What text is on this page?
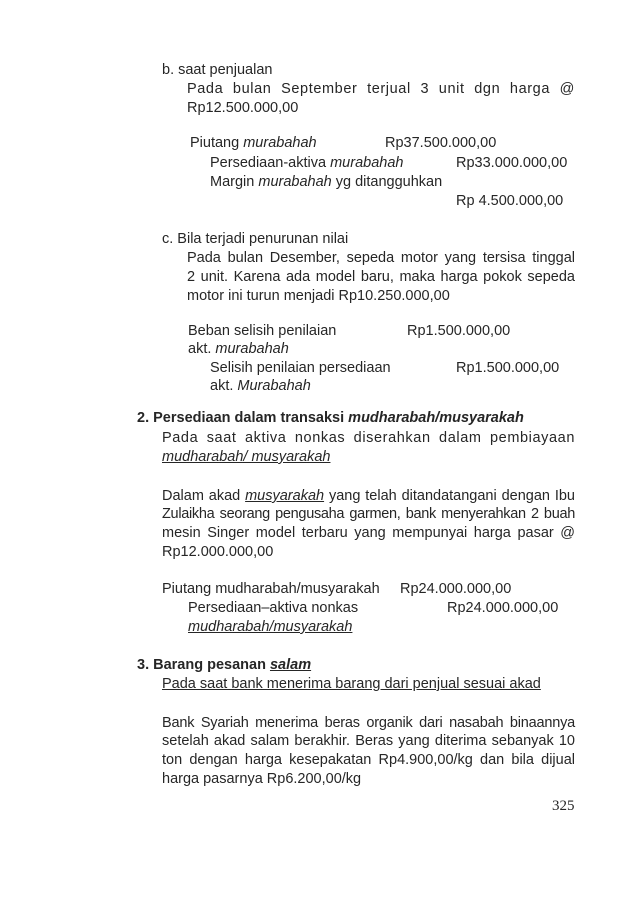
b. saat penjualan
Pada bulan September terjual 3 unit dgn harga @
Rp12.500.000,00
Piutang murabahah	Rp37.500.000,00
Persediaan-aktiva murabahah	Rp33.000.000,00
Margin murabahah yg ditangguhkan
Rp 4.500.000,00
c. Bila terjadi penurunan nilai
Pada bulan Desember, sepeda motor yang tersisa tinggal
2 unit. Karena ada model baru, maka harga pokok sepeda
motor ini turun menjadi Rp10.250.000,00
Beban selisih penilaian	Rp1.500.000,00
akt. murabahah
Selisih penilaian persediaan	Rp1.500.000,00
akt. Murabahah
2. Persediaan dalam transaksi mudharabah/musyarakah
Pada saat aktiva nonkas diserahkan dalam pembiayaan
mudharabah/ musyarakah
Dalam akad musyarakah yang telah ditandatangani dengan Ibu
Zulaikha seorang pengusaha garmen, bank menyerahkan 2 buah
mesin Singer model terbaru yang mempunyai harga pasar @
Rp12.000.000,00
Piutang mudharabah/musyarakah Rp24.000.000,00
Persediaan–aktiva nonkas	Rp24.000.000,00
mudharabah/musyarakah
3. Barang pesanan salam
Pada saat bank menerima barang dari penjual sesuai akad
Bank Syariah menerima beras organik dari nasabah binaannya
setelah akad salam berakhir. Beras yang diterima sebanyak 10
ton dengan harga kesepakatan Rp4.900,00/kg dan bila dijual
harga pasarnya Rp6.200,00/kg
325
